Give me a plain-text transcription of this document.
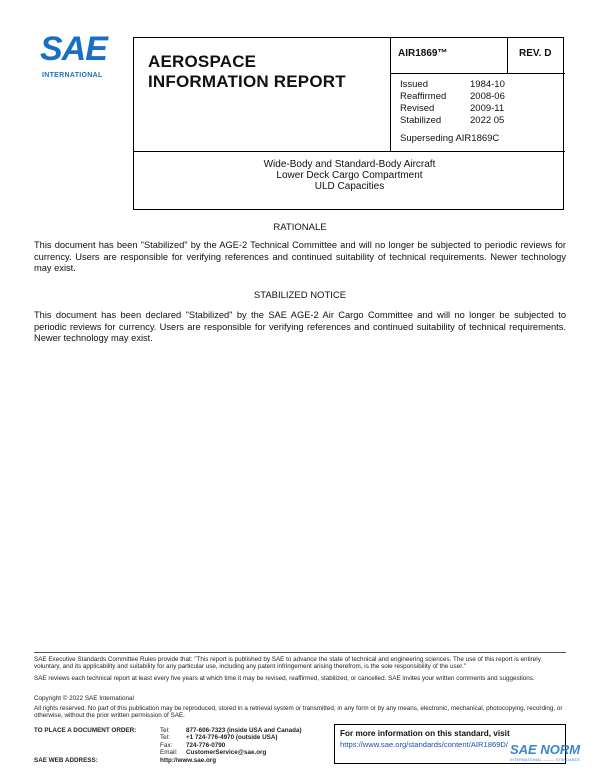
SAE
INTERNATIONAL
AEROSPACE
INFORMATION REPORT
AIR1869™	REV. D
Issued	1984-10
Reaffirmed	2008-06
Revised	2009-11
Stabilized	2022 05
Superseding AIR1869C
Wide-Body and Standard-Body Aircraft
Lower Deck Cargo Compartment
ULD Capacities
RATIONALE
This document has been "Stabilized" by the AGE-2 Technical Committee and will no longer be subjected to periodic reviews for currency. Users are responsible for verifying references and continued suitability of technical requirements. Newer technology may exist.
STABILIZED NOTICE
This document has been declared "Stabilized" by the SAE AGE-2 Air Cargo Committee and will no longer be subjected to periodic reviews for currency. Users are responsible for verifying references and continued suitability of technical requirements. Newer technology may exist.
SAE Executive Standards Committee Rules provide that: "This report is published by SAE to advance the state of technical and engineering sciences. The use of this report is entirely voluntary, and its applicability and suitability for any particular use, including any patent infringement arising therefrom, is the sole responsibility of the user."
SAE reviews each technical report at least every five years at which time it may be revised, reaffirmed, stabilized, or cancelled. SAE invites your written comments and suggestions.
Copyright © 2022 SAE International
All rights reserved. No part of this publication may be reproduced, stored in a retrieval system or transmitted, in any form or by any means, electronic, mechanical, photocopying, recording, or otherwise, without the prior written permission of SAE.
TO PLACE A DOCUMENT ORDER:	Tel:	877-606-7323 (inside USA and Canada)
Tel:	+1 724-776-4970 (outside USA)
Fax:	724-776-0790
Email:	CustomerService@sae.org
SAE WEB ADDRESS:	http://www.sae.org
For more information on this standard, visit
https://www.sae.org/standards/content/AIR1869D/ SAE NORM
INTERNATIONAL ——— STANDARDS
